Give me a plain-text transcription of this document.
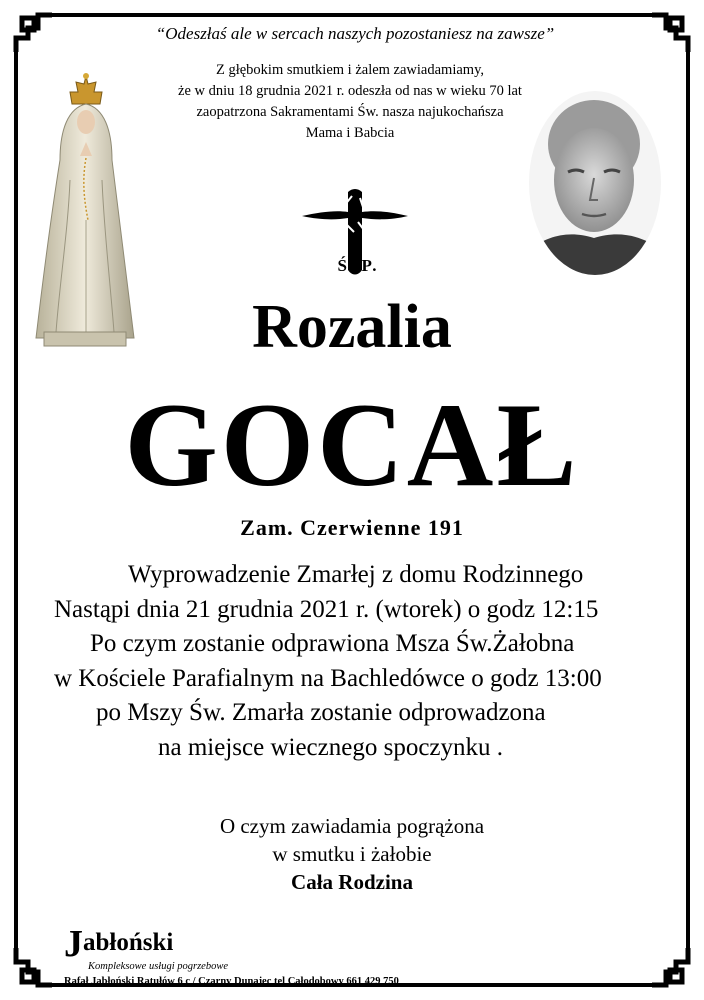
“Odeszłaś ale w sercach naszych pozostaniesz na zawsze”
Z głębokim smutkiem i żalem zawiadamiamy,
że w dniu 18 grudnia 2021 r. odeszła od nas w wieku 70 lat
zaopatrzona Sakramentami Św. nasza najukochańsza
Mama i Babcia
Ś. P.
Rozalia
GOCAŁ
Zam. Czerwienne 191
Wyprowadzenie Zmarłej z domu Rodzinnego
Nastąpi dnia 21 grudnia 2021 r. (wtorek) o godz 12:15
Po czym zostanie odprawiona Msza Św.Żałobna
w Kościele Parafialnym na Bachledówce o godz 13:00
po Mszy Św. Zmarła zostanie odprowadzona
na miejsce wiecznego spoczynku .
O czym zawiadamia pogrążona
w smutku i żałobie
Cała Rodzina
Jabłoński
Kompleksowe usługi pogrzebowe
Rafał Jabłoński Ratułów 6 c / Czarny Dunajec tel Całodobowy 661 429 750
